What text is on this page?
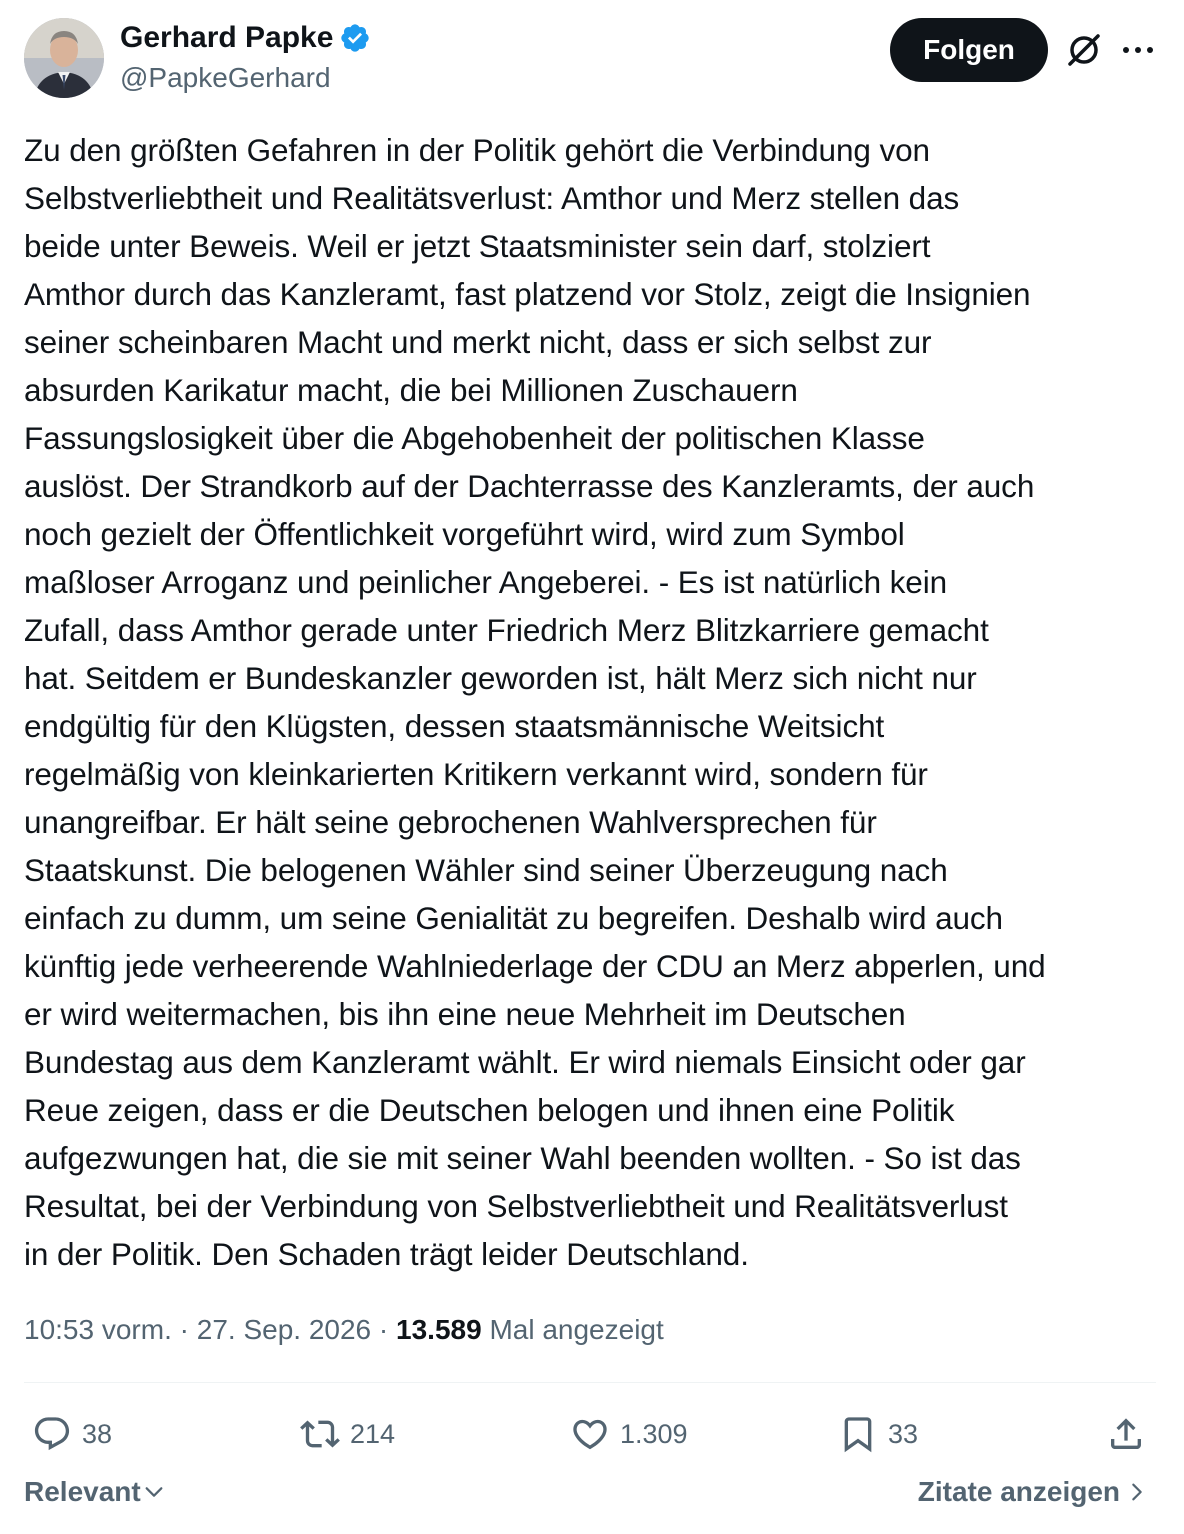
Gerhard Papke
@PapkeGerhard
Folgen
Zu den größten Gefahren in der Politik gehört die Verbindung von
Selbstverliebtheit und Realitätsverlust: Amthor und Merz stellen das
beide unter Beweis. Weil er jetzt Staatsminister sein darf, stolziert
Amthor durch das Kanzleramt, fast platzend vor Stolz, zeigt die Insignien
seiner scheinbaren Macht und merkt nicht, dass er sich selbst zur
absurden Karikatur macht, die bei Millionen Zuschauern
Fassungslosigkeit über die Abgehobenheit der politischen Klasse
auslöst. Der Strandkorb auf der Dachterrasse des Kanzleramts, der auch
noch gezielt der Öffentlichkeit vorgeführt wird, wird zum Symbol
maßloser Arroganz und peinlicher Angeberei. - Es ist natürlich kein
Zufall, dass Amthor gerade unter Friedrich Merz Blitzkarriere gemacht
hat. Seitdem er Bundeskanzler geworden ist, hält Merz sich nicht nur
endgültig für den Klügsten, dessen staatsmännische Weitsicht
regelmäßig von kleinkarierten Kritikern verkannt wird, sondern für
unangreifbar. Er hält seine gebrochenen Wahlversprechen für
Staatskunst. Die belogenen Wähler sind seiner Überzeugung nach
einfach zu dumm, um seine Genialität zu begreifen. Deshalb wird auch
künftig jede verheerende Wahlniederlage der CDU an Merz abperlen, und
er wird weitermachen, bis ihn eine neue Mehrheit im Deutschen
Bundestag aus dem Kanzleramt wählt. Er wird niemals Einsicht oder gar
Reue zeigen, dass er die Deutschen belogen und ihnen eine Politik
aufgezwungen hat, die sie mit seiner Wahl beenden wollten. - So ist das
Resultat, bei der Verbindung von Selbstverliebtheit und Realitätsverlust
in der Politik. Den Schaden trägt leider Deutschland.
10:53 vorm. · 27. Sep. 2026 · 13.589 Mal angezeigt
38	214	1.309	33
Relevant	Zitate anzeigen
